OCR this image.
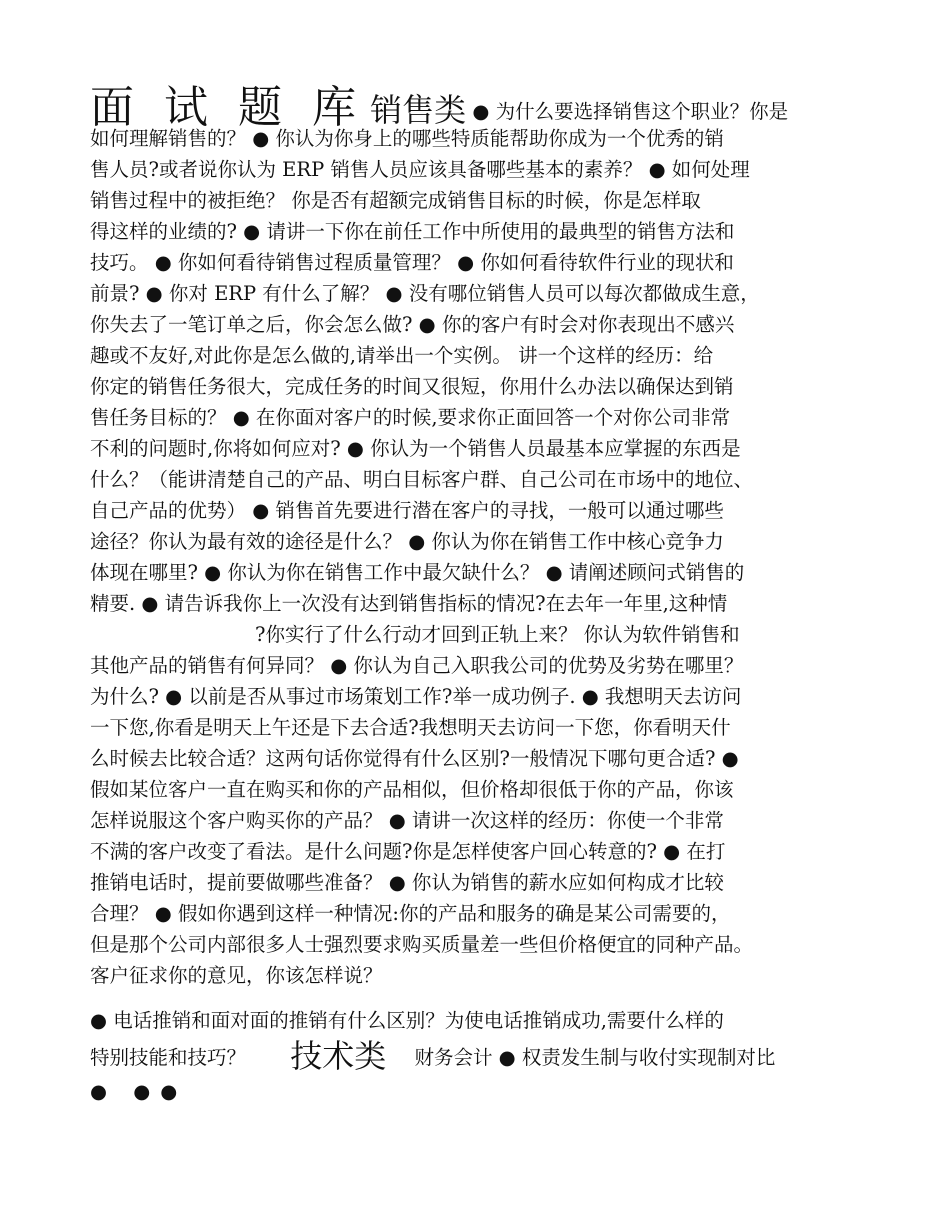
面 试 题 库 销售类 ● 为什么要选择销售这个职业？你是
如何理解销售的？ ● 你认为你身上的哪些特质能帮助你成为一个优秀的销
售人员?或者说你认为 ERP 销售人员应该具备哪些基本的素养？ ● 如何处理
销售过程中的被拒绝？ 你是否有超额完成销售目标的时候，你是怎样取
得这样的业绩的? ● 请讲一下你在前任工作中所使用的最典型的销售方法和
技巧。 ● 你如何看待销售过程质量管理？ ● 你如何看待软件行业的现状和
前景? ● 你对 ERP 有什么了解？ ● 没有哪位销售人员可以每次都做成生意，
你失去了一笔订单之后，你会怎么做? ● 你的客户有时会对你表现出不感兴
趣或不友好,对此你是怎么做的,请举出一个实例。 讲一个这样的经历：给
你定的销售任务很大，完成任务的时间又很短，你用什么办法以确保达到销
售任务目标的？ ● 在你面对客户的时候,要求你正面回答一个对你公司非常
不利的问题时,你将如何应对? ● 你认为一个销售人员最基本应掌握的东西是
什么？（能讲清楚自己的产品、明白目标客户群、自己公司在市场中的地位、
自己产品的优势） ● 销售首先要进行潜在客户的寻找，一般可以通过哪些
途径？你认为最有效的途径是什么？ ● 你认为你在销售工作中核心竞争力
体现在哪里? ● 你认为你在销售工作中最欠缺什么？ ● 请阐述顾问式销售的
精要. ● 请告诉我你上一次没有达到销售指标的情况?在去年一年里,这种情
?你实行了什么行动才回到正轨上来？ 你认为软件销售和
其他产品的销售有何异同？ ● 你认为自己入职我公司的优势及劣势在哪里？
为什么? ● 以前是否从事过市场策划工作?举一成功例子. ● 我想明天去访问
一下您,你看是明天上午还是下去合适?我想明天去访问一下您，你看明天什
么时候去比较合适？这两句话你觉得有什么区别?一般情况下哪句更合适? ●
假如某位客户一直在购买和你的产品相似，但价格却很低于你的产品，你该
怎样说服这个客户购买你的产品？ ● 请讲一次这样的经历：你使一个非常
不满的客户改变了看法。是什么问题?你是怎样使客户回心转意的? ● 在打
推销电话时，提前要做哪些准备？ ● 你认为销售的薪水应如何构成才比较
合理？ ● 假如你遇到这样一种情况:你的产品和服务的确是某公司需要的，
但是那个公司内部很多人士强烈要求购买质量差一些但价格便宜的同种产品。
客户征求你的意见，你该怎样说？
● 电话推销和面对面的推销有什么区别？为使电话推销成功,需要什么样的
特别技能和技巧？ 技术类 财务会计 ● 权责发生制与收付实现制对比
● ●●
